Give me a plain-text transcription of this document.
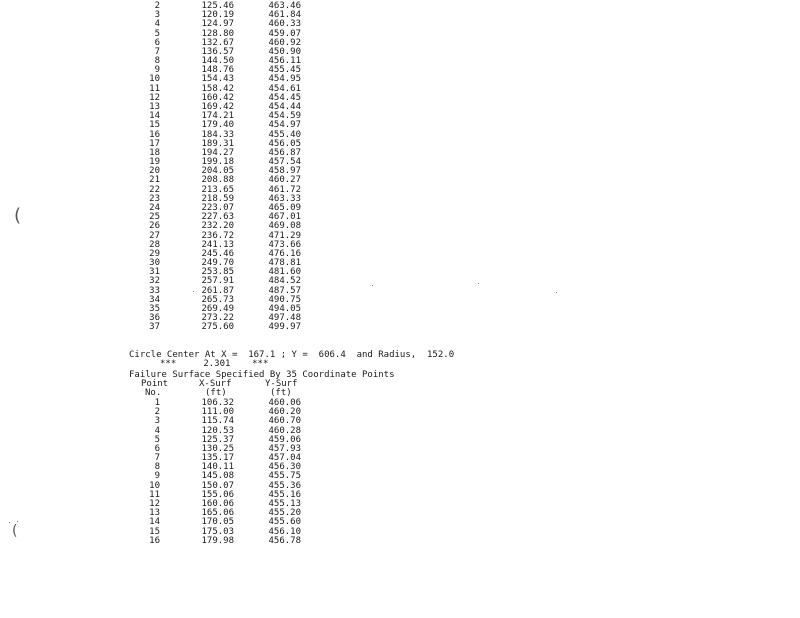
2	125.46	463.46
3	120.19	461.84
4	124.97	460.33
5	128.80	459.07
6	132.67	460.92
7	136.57	450.90
8	144.50	456.11
9	148.76	455.45
10	154.43	454.95
11	158.42	454.61
12	160.42	454.45
13	169.42	454.44
14	174.21	454.59
15	179.40	454.97
16	184.33	455.40
17	189.31	456.05
18	194.27	456.87
19	199.18	457.54
20	204.05	458.97
21	208.88	460.27
22	213.65	461.72
23	218.59	463.33
24	223.07	465.09
25	227.63	467.01
26	232.20	469.08
27	236.72	471.29
28	241.13	473.66
29	245.46	476.16
30	249.70	478.81
31	253.85	481.60
32	257.91	484.52
33	261.87	487.57
34	265.73	490.75
35	269.49	494.05
36	273.22	497.48
37	275.60	499.97
Circle Center At X =  167.1 ; Y =  606.4  and Radius,  152.0
***     2.301    ***
Failure Surface Specified By 35 Coordinate Points
Point	X-Surf	Y-Surf
No.	(ft)	(ft)
1	106.32	460.06
2	111.00	460.20
3	115.74	460.70
4	120.53	460.28
5	125.37	459.06
6	130.25	457.93
7	135.17	457.04
8	140.11	456.30
9	145.08	455.75
10	150.07	455.36
11	155.06	455.16
12	160.06	455.13
13	165.06	455.20
14	170.05	455.60
15	175.03	456.10
16	179.98	456.78
(
(
